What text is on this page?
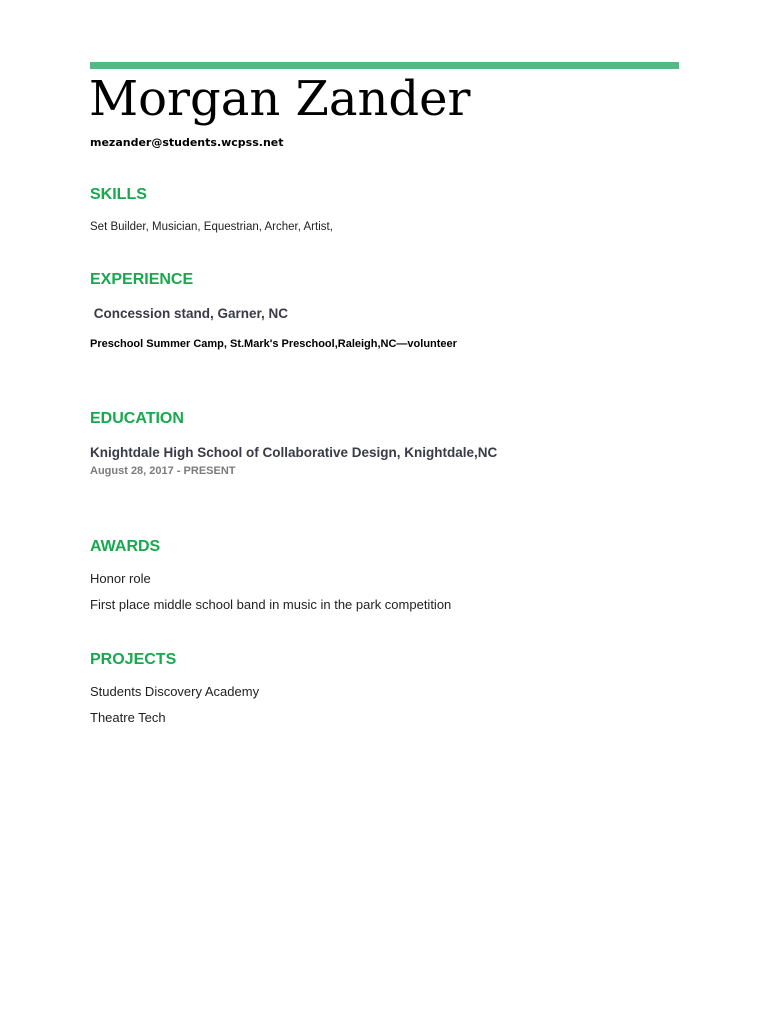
Morgan Zander
mezander@students.wcpss.net
SKILLS
Set Builder, Musician, Equestrian, Archer, Artist,
EXPERIENCE
Concession stand, Garner, NC
Preschool Summer Camp, St.Mark's Preschool,Raleigh,NC—volunteer
EDUCATION
Knightdale High School of Collaborative Design, Knightdale,NC
August 28, 2017 - PRESENT
AWARDS
Honor role
First place middle school band in music in the park competition
PROJECTS
Students Discovery Academy
Theatre Tech
